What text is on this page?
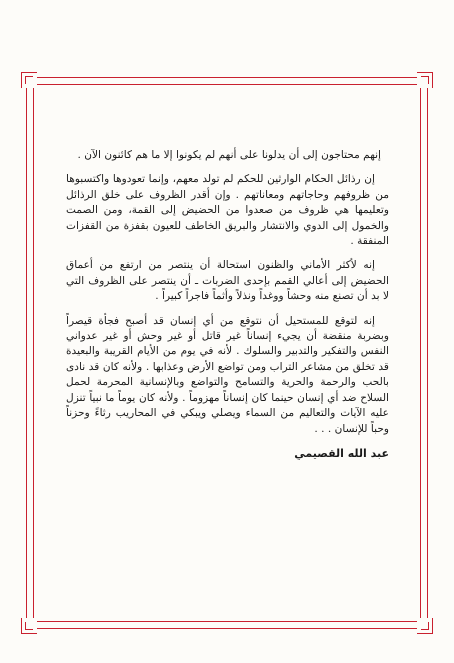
إنهم محتاجون إلى أن يدلونا على أنهم لم يكونوا إلا ما هم كائنون الآن .

إن رذائل الحكام الوارثين للحكم لم تولد معهم، وإنما تعودوها واكتسبوها من ظروفهم وحاجاتهم ومعاناتهم . وإن أقدر الظروف على خلق الرذائل وتعليمها هي ظروف من صعدوا من الحضيض إلى القمة، ومن الصمت والخمول إلى الدوي والانتشار والبريق الخاطف للعيون بقفزة من القفزات المنفقة .

إنه لأكثر الأماني والظنون استحالة أن ينتصر من ارتفع من أعماق الحضيض إلى أعالي القمم بإحدى الضربات ـ أن ينتصر على الظروف التي لا بد أن تصنع منه وحشاً ووغداً ونذلاً وأثماً فاجراً كبيراً .

إنه لتوقع للمستحيل أن نتوقع من أي إنسان قد أصبح فجأة قيصراً وبضربة منقضة أن يجيء إنساناً غير قاتل أو غير وحش أو غير عدواني النفس والتفكير والتدبير والسلوك . لأنه في يوم من الأيام القريبة والبعيدة قد تخلق من مشاعر التراب ومن تواضع الأرض وعذابها . ولأنه كان قد نادى بالحب والرحمة والحرية والتسامح والتواضع وبالإنسانية المحرمة لحمل السلاح ضد أي إنسان حينما كان إنساناً مهزوماً . ولأنه كان يوماً ما نبياً تنزل عليه الآيات والتعاليم من السماء ويصلي ويبكي في المحاريب رثاءً وحزناً وحباً للإنسان . . .

عبد الله القصيمي
